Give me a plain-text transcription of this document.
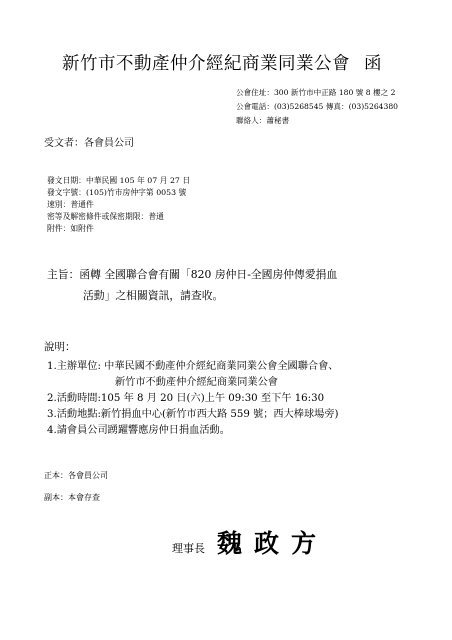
新竹市不動產仲介經紀商業同業公會 函
公會住址：300 新竹市中正路 180 號 8 樓之 2
公會電話：(03)5268545 傳真：(03)5264380
聯絡人：蕭秘書
受文者：各會員公司
發文日期：中華民國 105 年 07 月 27 日
發文字號：(105)竹市房仲字第 0053 號
速別：普通件
密等及解密條件或保密期限：普通
附件：如附件
主旨：函轉 全國聯合會有關「820 房仲日-全國房仲傳愛捐血
活動」之相關資訊，請查收。
說明：
1.主辦單位: 中華民國不動產仲介經紀商業同業公會全國聯合會、
新竹市不動產仲介經紀商業同業公會
2.活動時間:105 年 8 月 20 日(六)上午 09:30 至下午 16:30
3.活動地點:新竹捐血中心(新竹市西大路 559 號；西大棒球場旁)
4.請會員公司踴躍響應房仲日捐血活動。
正本：各會員公司
副本：本會存查
理事長 魏政方
